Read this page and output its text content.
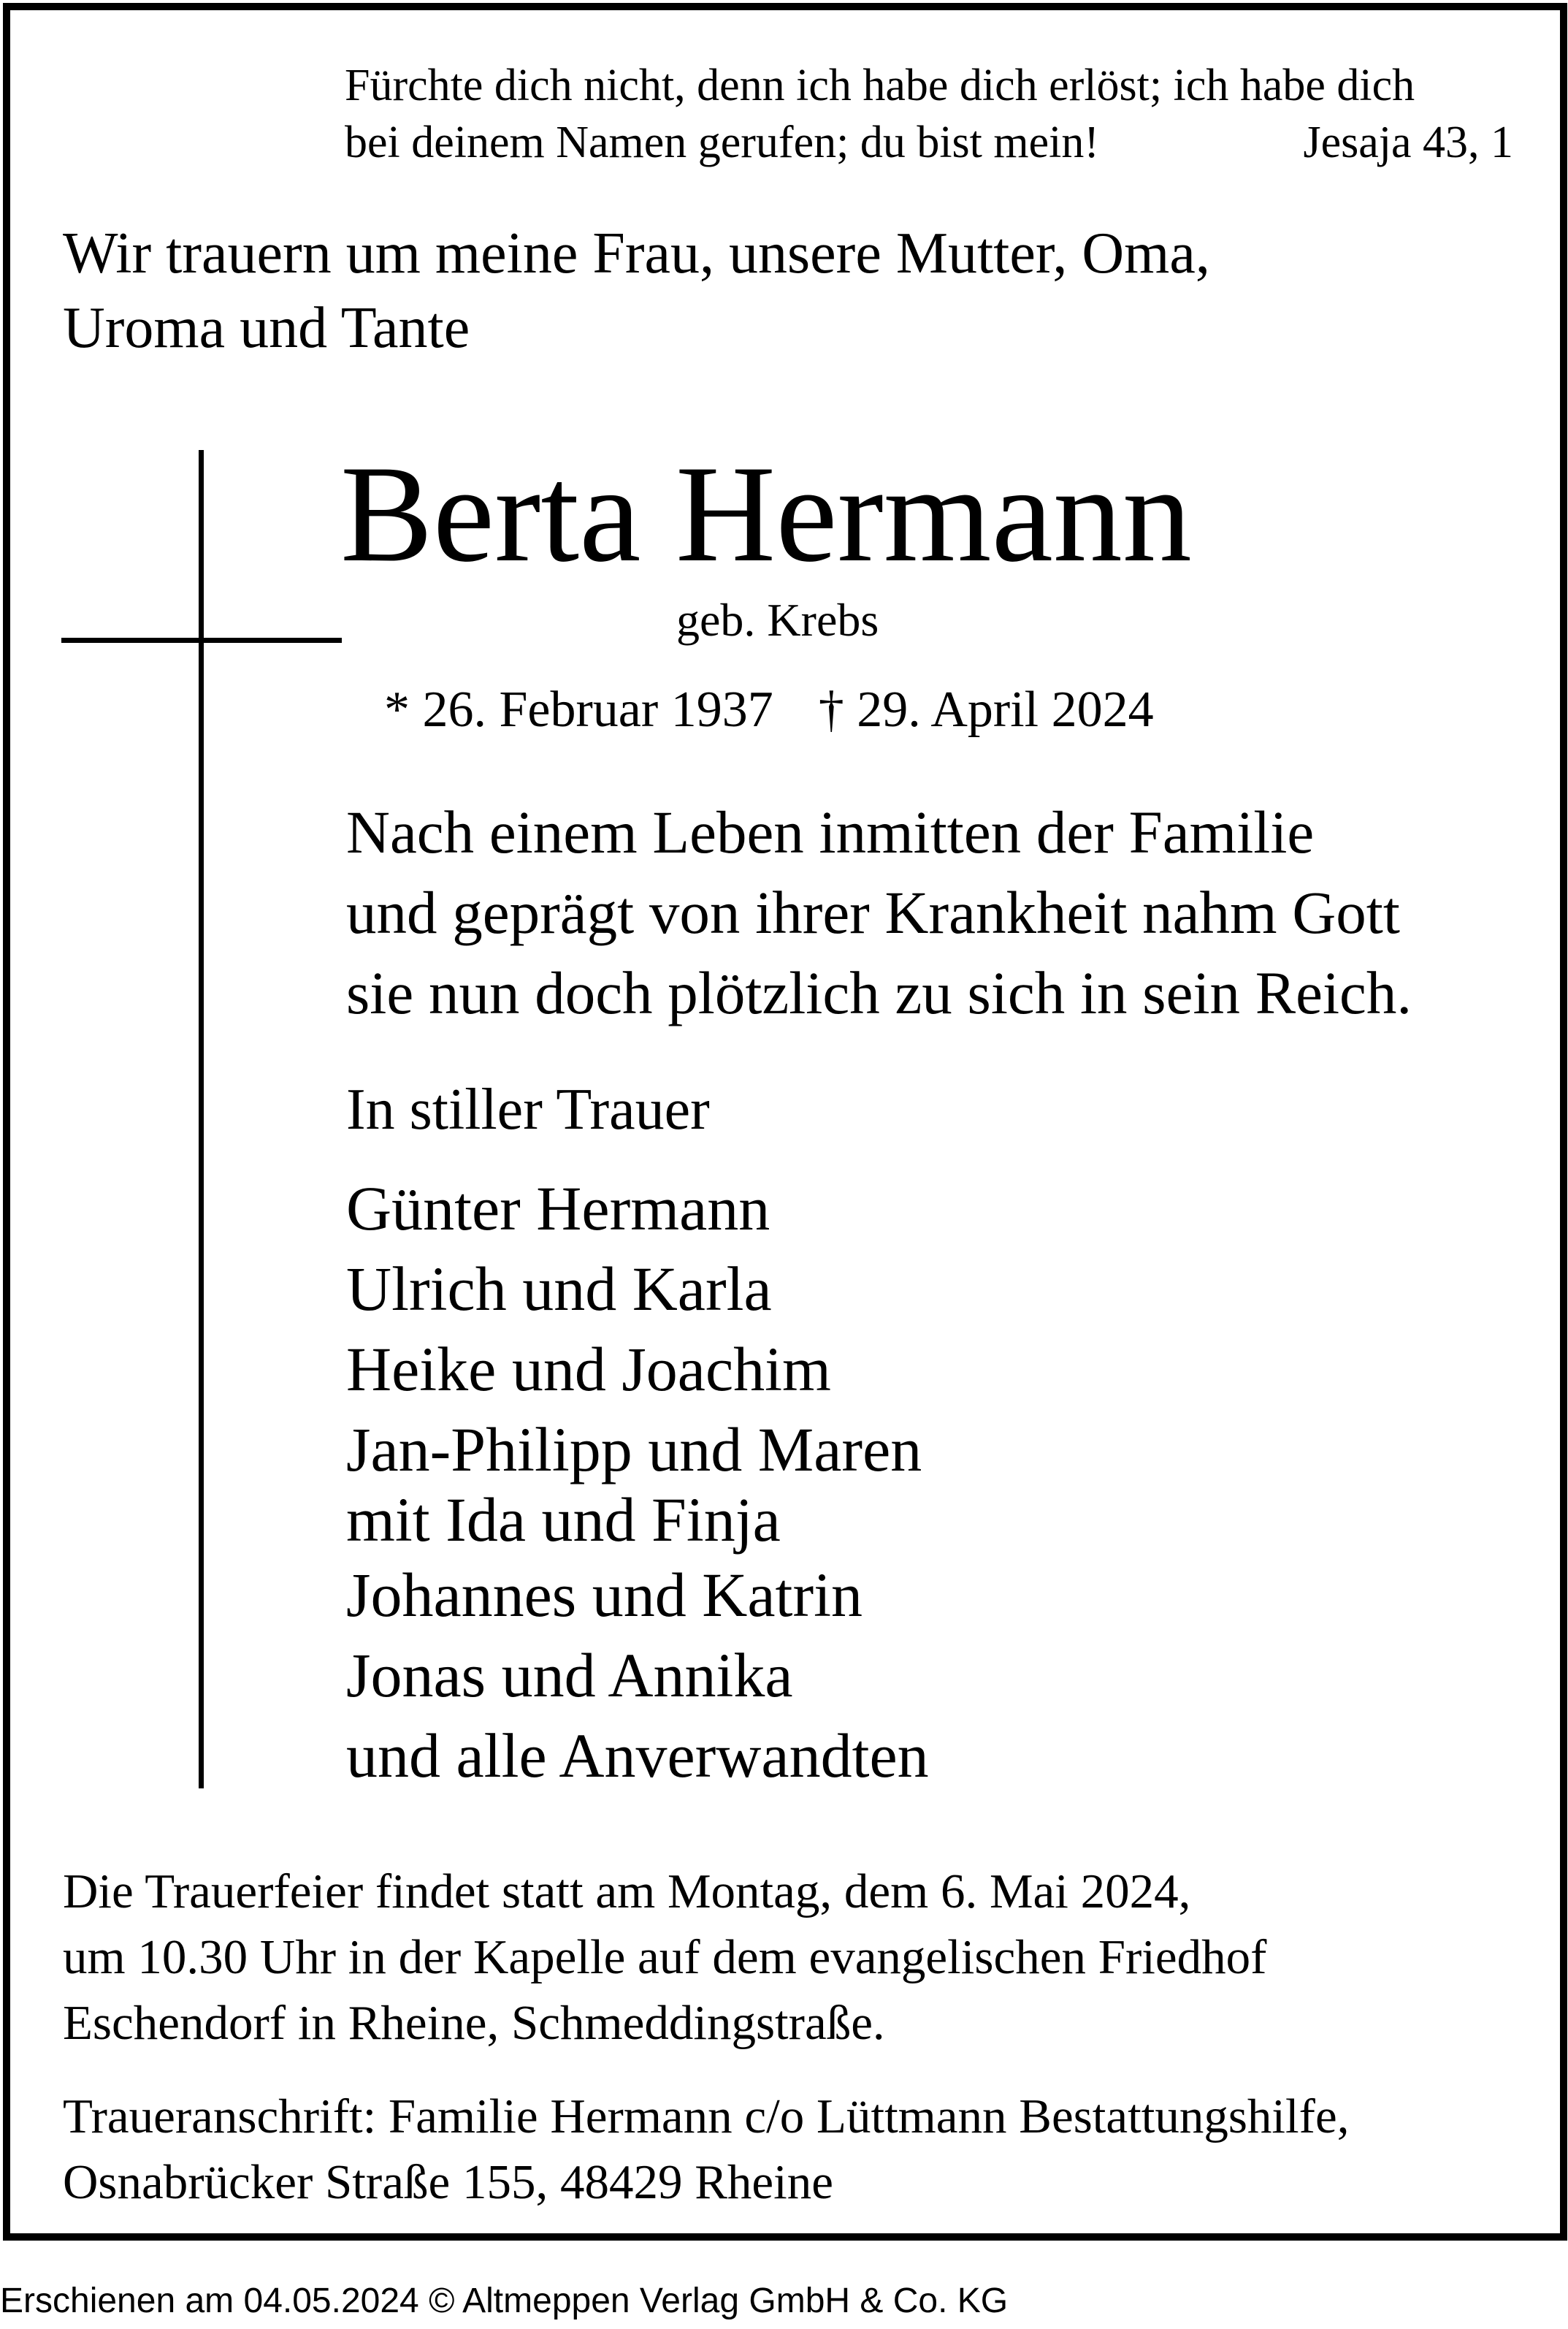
Fürchte dich nicht, denn ich habe dich erlöst; ich habe dich
bei deinem Namen gerufen; du bist mein!	Jesaja 43, 1
Wir trauern um meine Frau, unsere Mutter, Oma,
Uroma und Tante
Berta Hermann
geb. Krebs
* 26. Februar 1937 † 29. April 2024
Nach einem Leben inmitten der Familie
und geprägt von ihrer Krankheit nahm Gott
sie nun doch plötzlich zu sich in sein Reich.
In stiller Trauer
Günter Hermann
Ulrich und Karla
Heike und Joachim
Jan-Philipp und Maren
mit Ida und Finja
Johannes und Katrin
Jonas und Annika
und alle Anverwandten
Die Trauerfeier findet statt am Montag, dem 6. Mai 2024,
um 10.30 Uhr in der Kapelle auf dem evangelischen Friedhof
Eschendorf in Rheine, Schmeddingstraße.
Traueranschrift: Familie Hermann c/o Lüttmann Bestattungshilfe,
Osnabrücker Straße 155, 48429 Rheine
Erschienen am 04.05.2024 © Altmeppen Verlag GmbH & Co. KG
